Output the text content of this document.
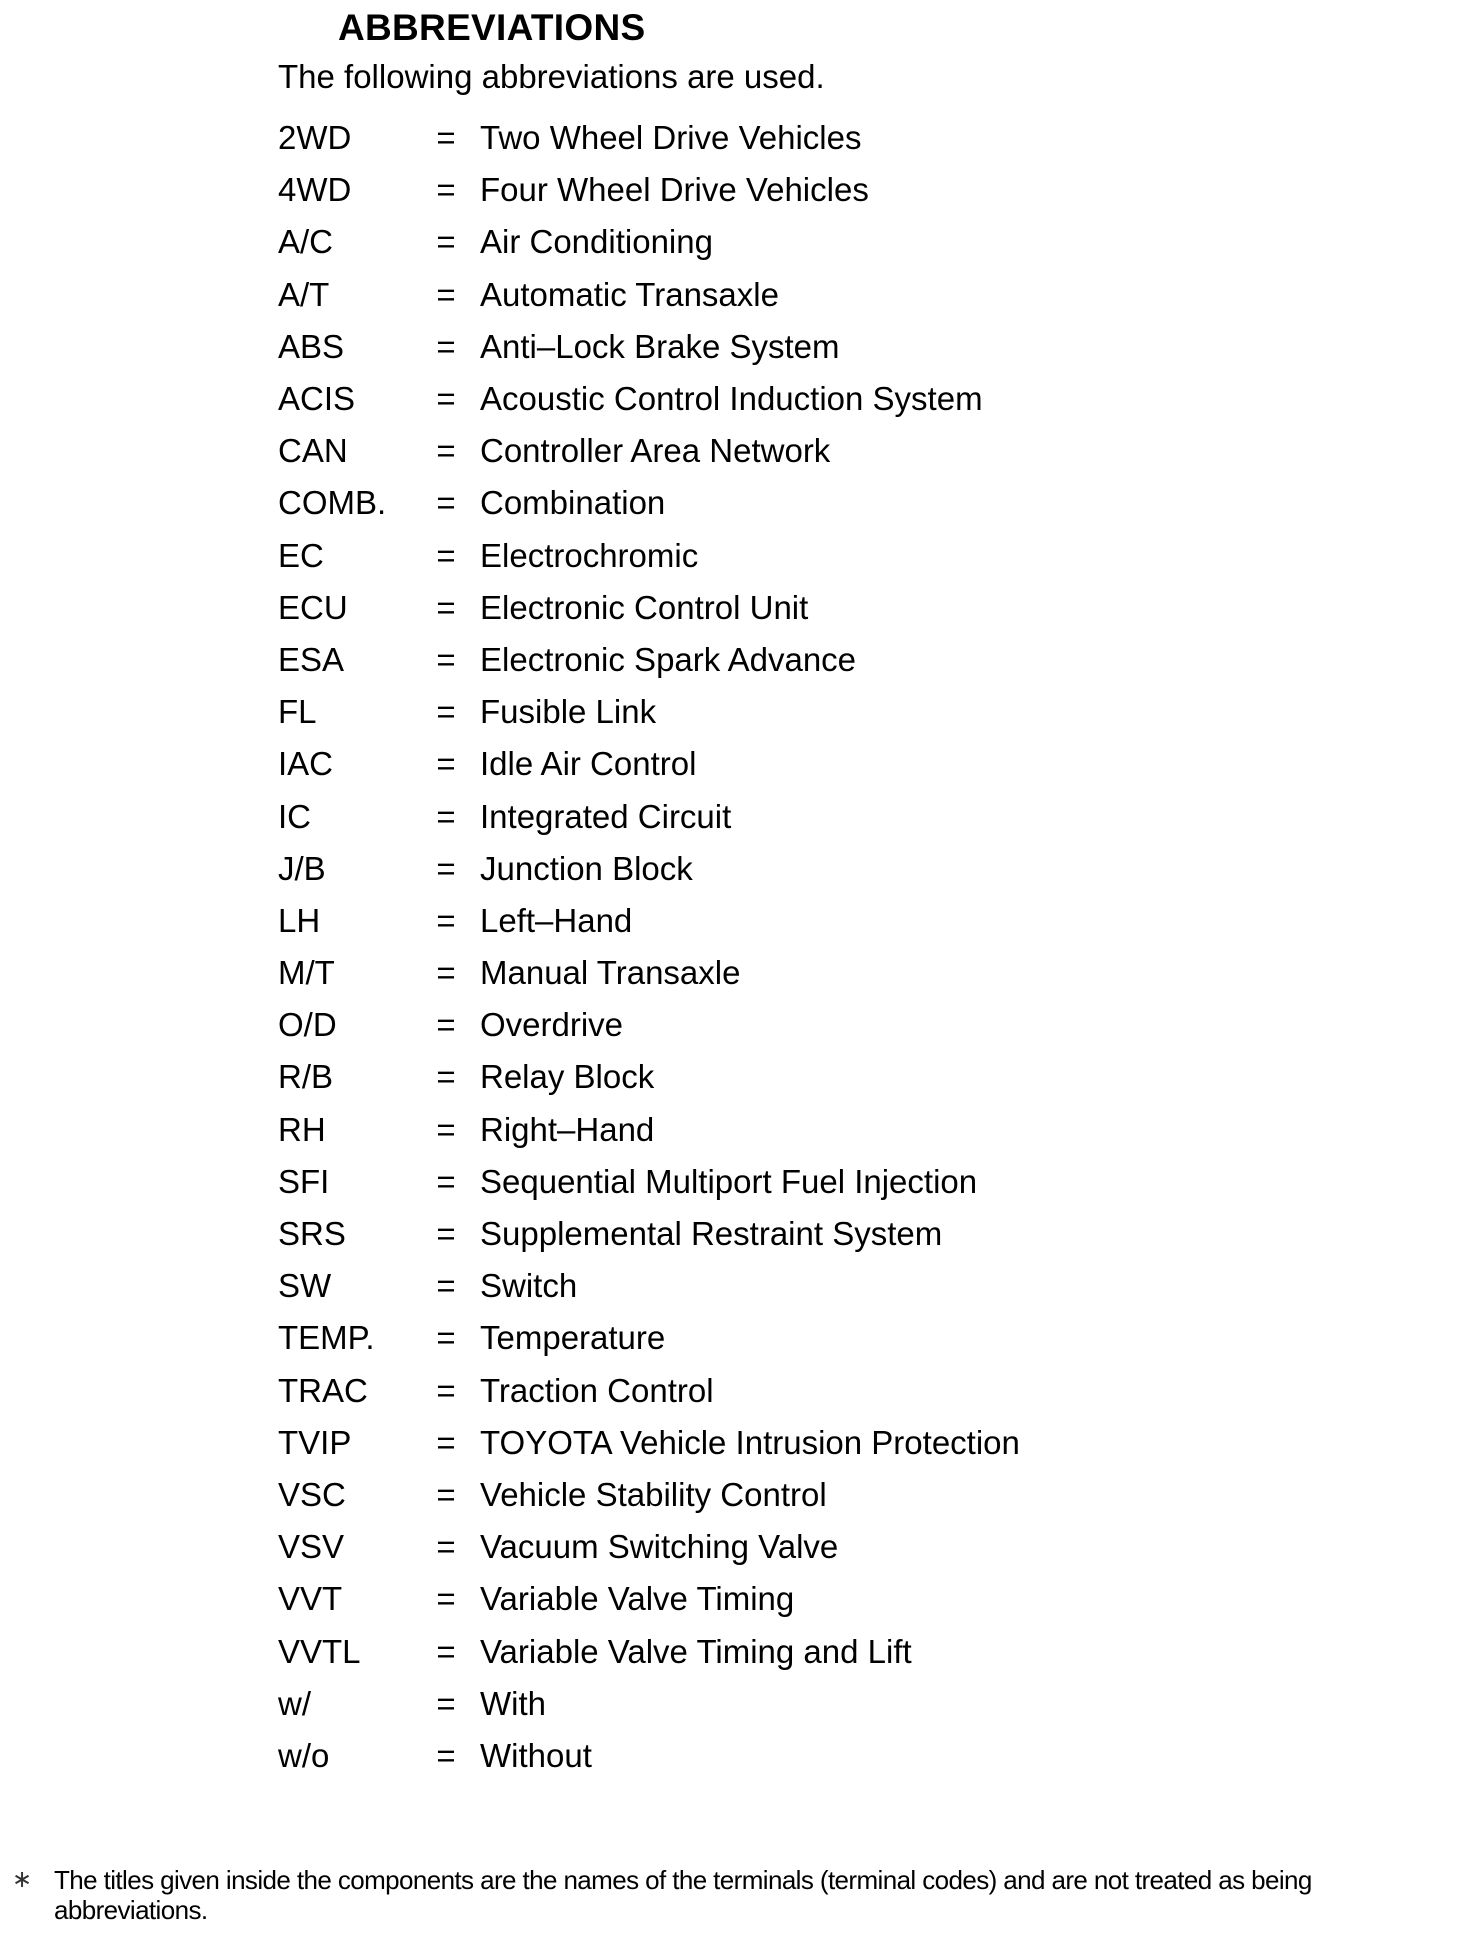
ABBREVIATIONS

The following abbreviations are used.

2WD	= Two Wheel Drive Vehicles
4WD	= Four Wheel Drive Vehicles
A/C	= Air Conditioning
A/T	= Automatic Transaxle
ABS	= Anti–Lock Brake System
ACIS	= Acoustic Control Induction System
CAN	= Controller Area Network
COMB.	= Combination
EC	= Electrochromic
ECU	= Electronic Control Unit
ESA	= Electronic Spark Advance
FL	= Fusible Link
IAC	= Idle Air Control
IC	= Integrated Circuit
J/B	= Junction Block
LH	= Left–Hand
M/T	= Manual Transaxle
O/D	= Overdrive
R/B	= Relay Block
RH	= Right–Hand
SFI	= Sequential Multiport Fuel Injection
SRS	= Supplemental Restraint System
SW	= Switch
TEMP.	= Temperature
TRAC	= Traction Control
TVIP	= TOYOTA Vehicle Intrusion Protection
VSC	= Vehicle Stability Control
VSV	= Vacuum Switching Valve
VVT	= Variable Valve Timing
VVTL	= Variable Valve Timing and Lift
w/	= With
w/o	= Without
∗ The titles given inside the components are the names of the terminals (terminal codes) and are not treated as being abbreviations.
